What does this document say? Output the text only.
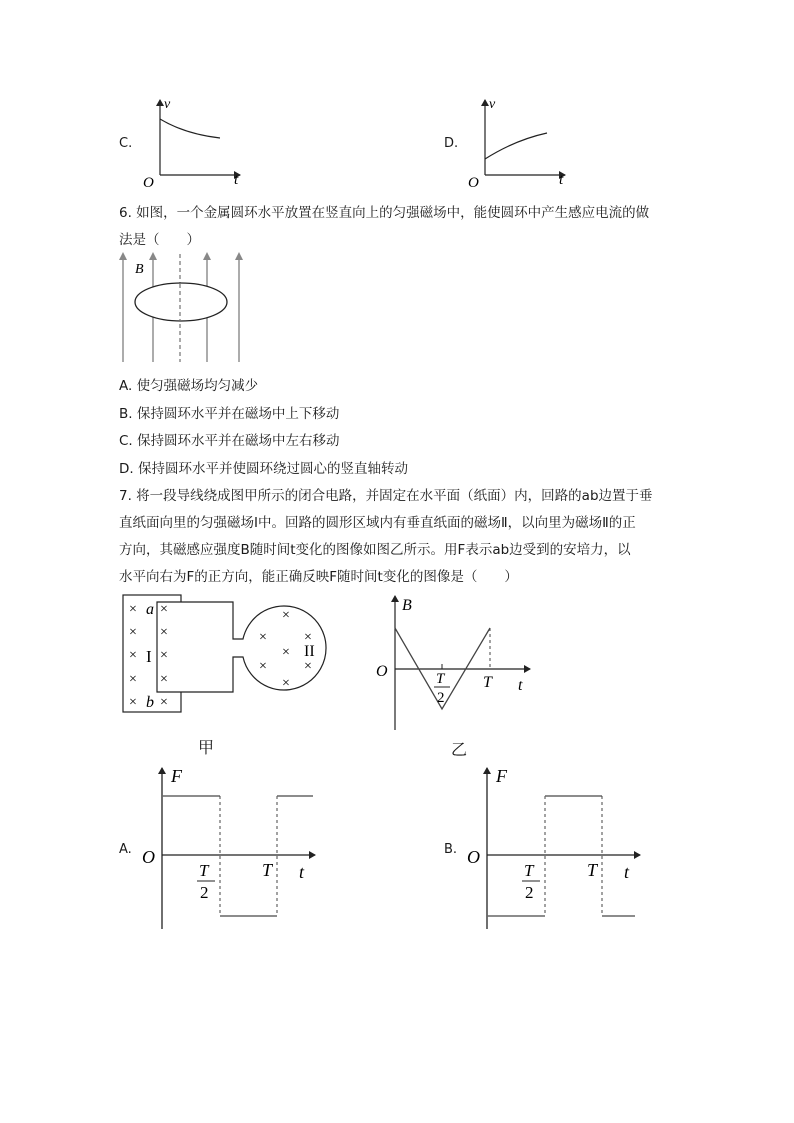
C.
v
t
O
D.
v
t
O
6. 如图，一个金属圆环水平放置在竖直向上的匀强磁场中，能使圆环中产生感应电流的做
法是（　　）
B
A. 使匀强磁场均匀减少
B. 保持圆环水平并在磁场中上下移动
C. 保持圆环水平并在磁场中左右移动
D. 保持圆环水平并使圆环绕过圆心的竖直轴转动
7. 将一段导线绕成图甲所示的闭合电路，并固定在水平面（纸面）内，回路的ab边置于垂
直纸面向里的匀强磁场Ⅰ中。回路的圆形区域内有垂直纸面的磁场Ⅱ，以向里为磁场Ⅱ的正
方向，其磁感应强度B随时间t变化的图像如图乙所示。用F表示ab边受到的安培力，以
水平向右为F的正方向，能正确反映F随时间t变化的图像是（　　）
× ×
× ×
× ×
× ×
× ×
×
×	×
×
×	×
×
a
b
I	II
甲
B
t
O	T
2
T
乙
A.
F
t
O
T
2
T
B.
F
t
O
T
2
T
